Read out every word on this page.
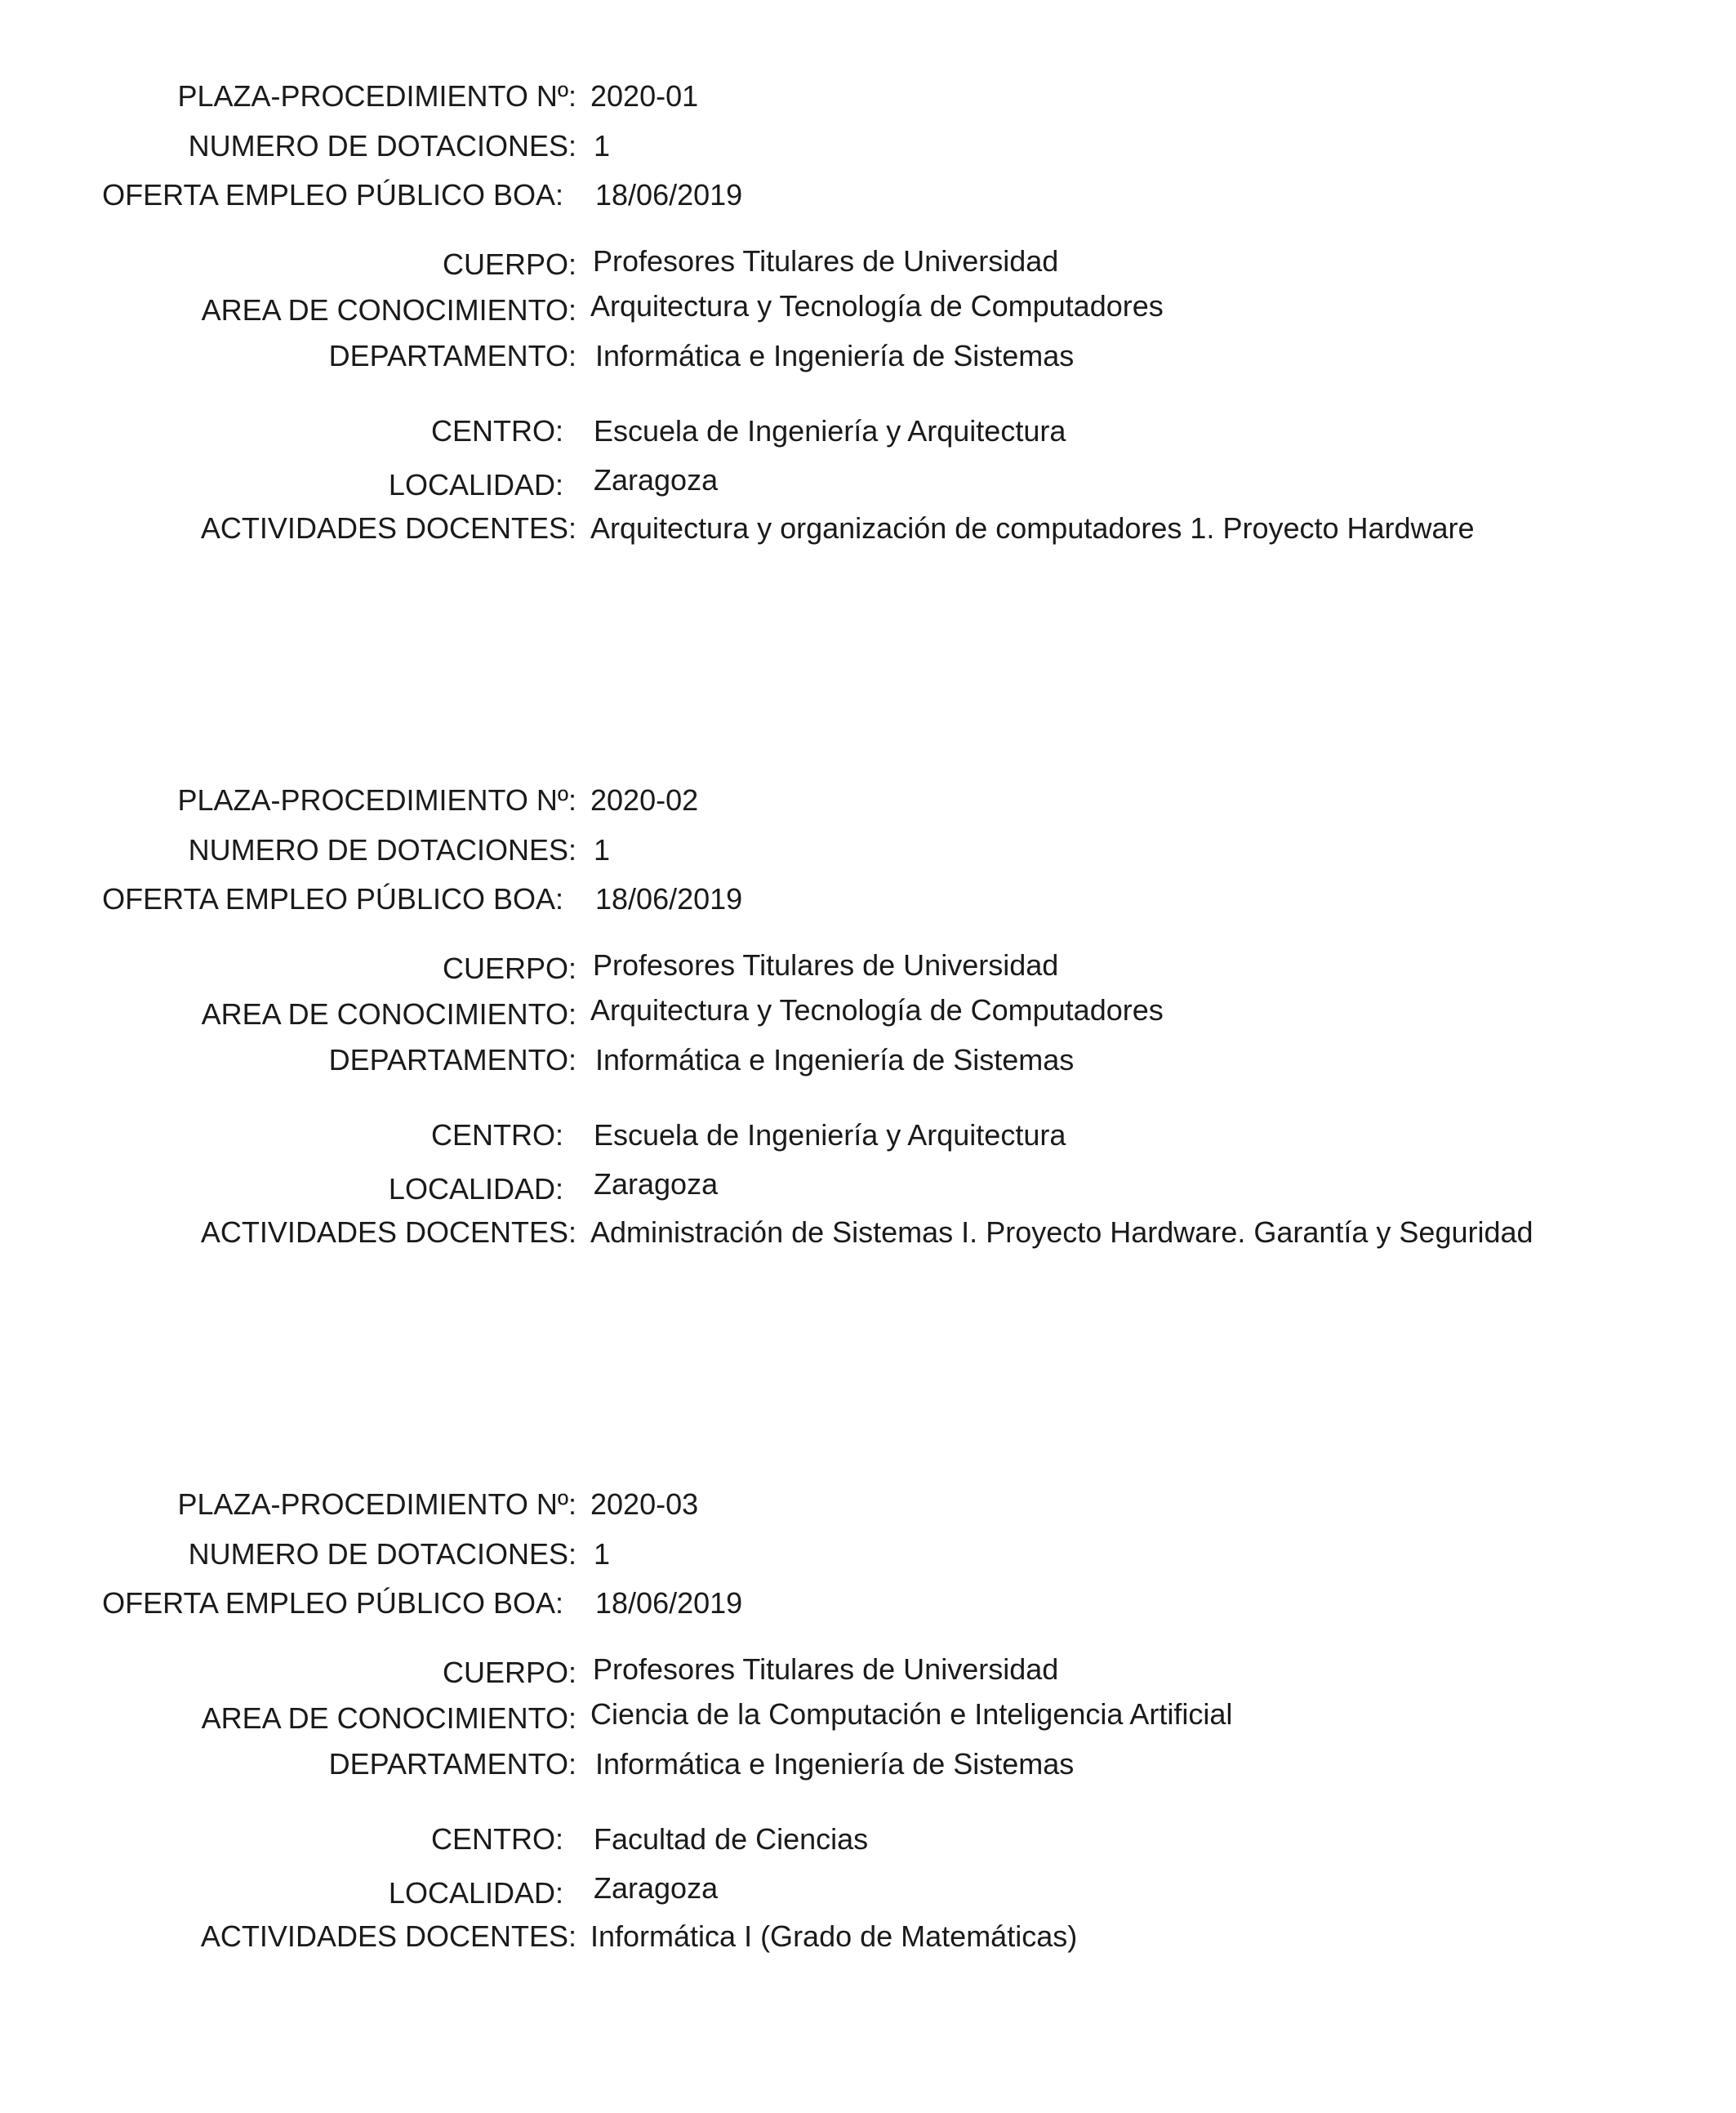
PLAZA-PROCEDIMIENTO Nº: 2020-01
NUMERO DE DOTACIONES: 1
OFERTA EMPLEO PÚBLICO BOA: 18/06/2019
CUERPO: Profesores Titulares de Universidad
AREA DE CONOCIMIENTO: Arquitectura y Tecnología de Computadores
DEPARTAMENTO: Informática e Ingeniería de Sistemas
CENTRO: Escuela de Ingeniería y Arquitectura
LOCALIDAD: Zaragoza
ACTIVIDADES DOCENTES: Arquitectura y organización de computadores 1. Proyecto Hardware
PLAZA-PROCEDIMIENTO Nº: 2020-02
NUMERO DE DOTACIONES: 1
OFERTA EMPLEO PÚBLICO BOA: 18/06/2019
CUERPO: Profesores Titulares de Universidad
AREA DE CONOCIMIENTO: Arquitectura y Tecnología de Computadores
DEPARTAMENTO: Informática e Ingeniería de Sistemas
CENTRO: Escuela de Ingeniería y Arquitectura
LOCALIDAD: Zaragoza
ACTIVIDADES DOCENTES: Administración de Sistemas I. Proyecto Hardware. Garantía y Seguridad
PLAZA-PROCEDIMIENTO Nº: 2020-03
NUMERO DE DOTACIONES: 1
OFERTA EMPLEO PÚBLICO BOA: 18/06/2019
CUERPO: Profesores Titulares de Universidad
AREA DE CONOCIMIENTO: Ciencia de la Computación e Inteligencia Artificial
DEPARTAMENTO: Informática e Ingeniería de Sistemas
CENTRO: Facultad de Ciencias
LOCALIDAD: Zaragoza
ACTIVIDADES DOCENTES: Informática I (Grado de Matemáticas)
